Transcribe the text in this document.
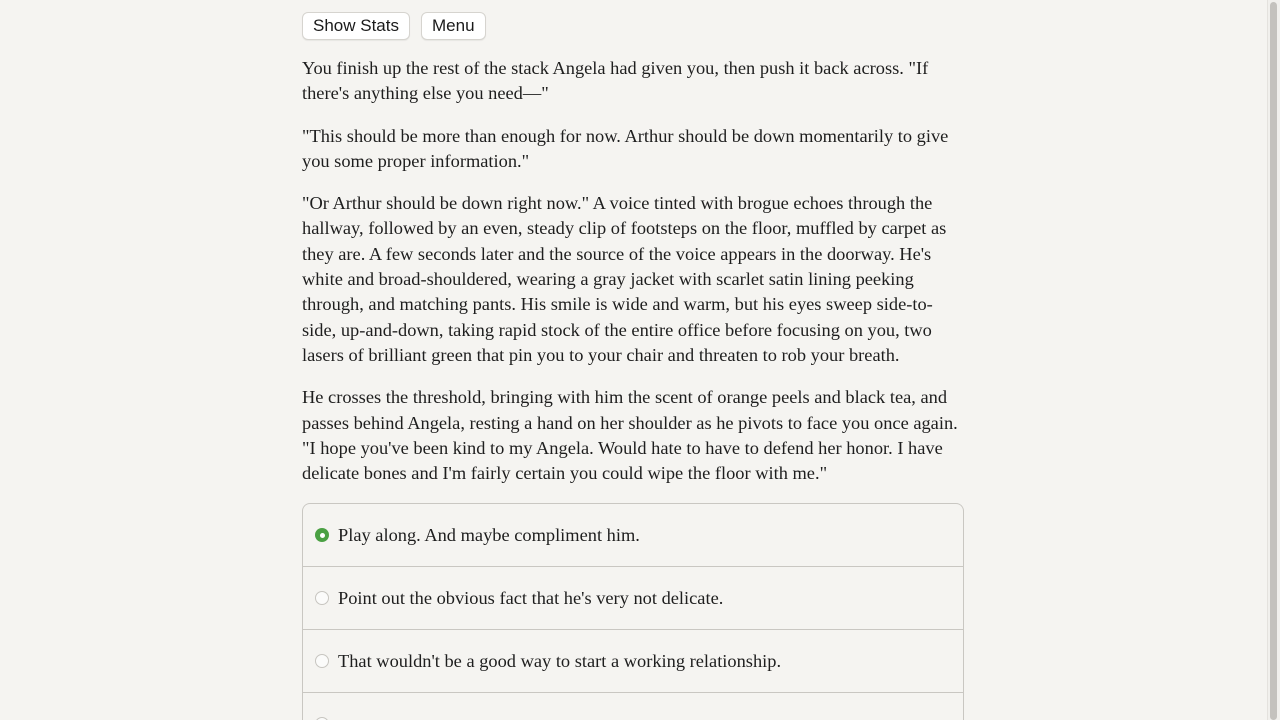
Show Stats	Menu

You finish up the rest of the stack Angela had given you, then push it back across. "If there's anything else you need—"

"This should be more than enough for now. Arthur should be down momentarily to give you some proper information."

"Or Arthur should be down right now." A voice tinted with brogue echoes through the hallway, followed by an even, steady clip of footsteps on the floor, muffled by carpet as they are. A few seconds later and the source of the voice appears in the doorway. He's white and broad-shouldered, wearing a gray jacket with scarlet satin lining peeking through, and matching pants. His smile is wide and warm, but his eyes sweep side-to-side, up-and-down, taking rapid stock of the entire office before focusing on you, two lasers of brilliant green that pin you to your chair and threaten to rob your breath.

He crosses the threshold, bringing with him the scent of orange peels and black tea, and passes behind Angela, resting a hand on her shoulder as he pivots to face you once again. "I hope you've been kind to my Angela. Would hate to have to defend her honor. I have delicate bones and I'm fairly certain you could wipe the floor with me."

Play along. And maybe compliment him.
Point out the obvious fact that he's very not delicate.
That wouldn't be a good way to start a working relationship.
